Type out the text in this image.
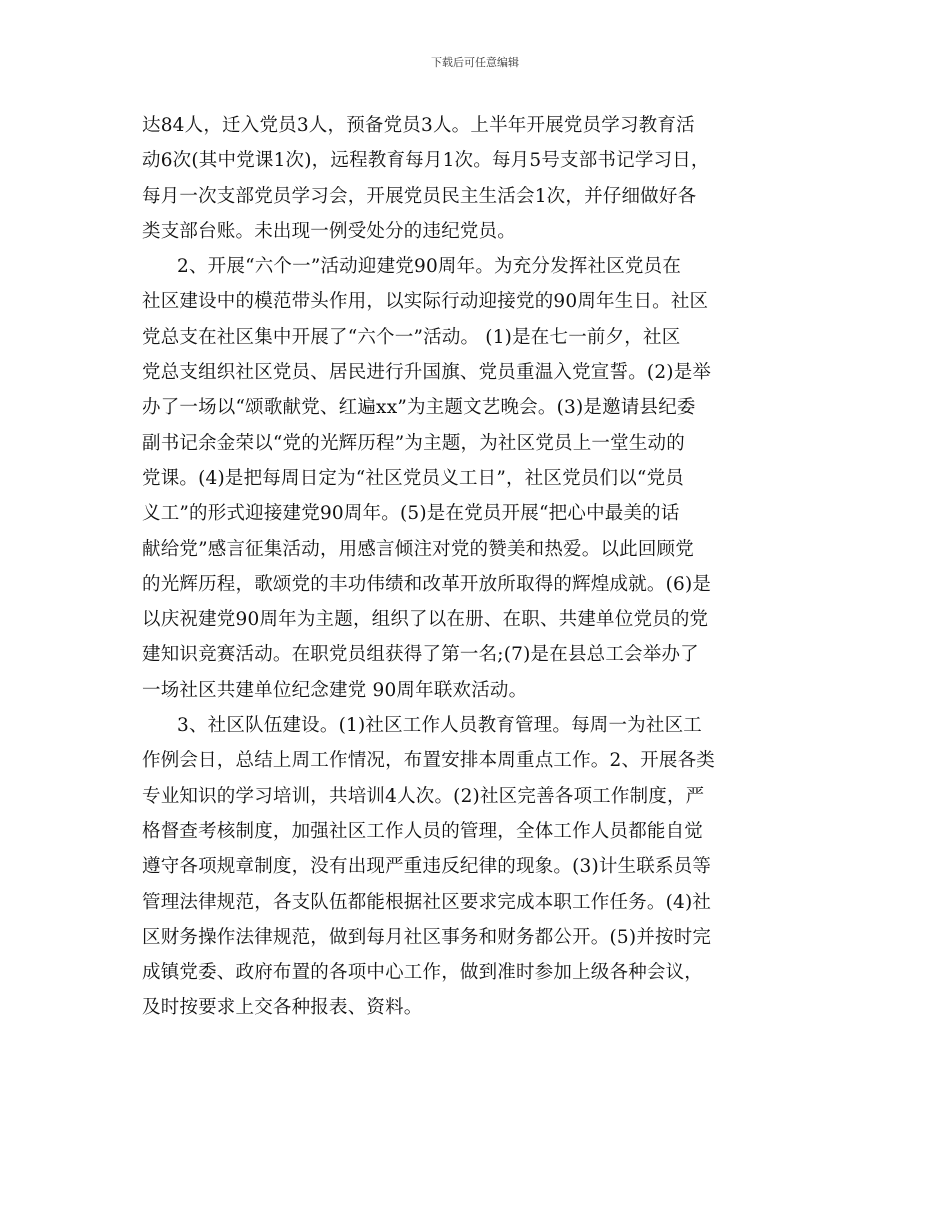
下载后可任意编辑
达84人，迁入党员3人，预备党员3人。上半年开展党员学习教育活
动6次(其中党课1次)，远程教育每月1次。每月5号支部书记学习日，
每月一次支部党员学习会，开展党员民主生活会1次，并仔细做好各
类支部台账。未出现一例受处分的违纪党员。
2、开展“六个一”活动迎建党90周年。为充分发挥社区党员在
社区建设中的模范带头作用，以实际行动迎接党的90周年生日。社区
党总支在社区集中开展了“六个一”活动。 (1)是在七一前夕，社区
党总支组织社区党员、居民进行升国旗、党员重温入党宣誓。(2)是举
办了一场以“颂歌献党、红遍xx”为主题文艺晚会。(3)是邀请县纪委
副书记余金荣以“党的光辉历程”为主题，为社区党员上一堂生动的
党课。(4)是把每周日定为“社区党员义工日”，社区党员们以“党员
义工”的形式迎接建党90周年。(5)是在党员开展“把心中最美的话
献给党”感言征集活动，用感言倾注对党的赞美和热爱。以此回顾党
的光辉历程，歌颂党的丰功伟绩和改革开放所取得的辉煌成就。(6)是
以庆祝建党90周年为主题，组织了以在册、在职、共建单位党员的党
建知识竞赛活动。在职党员组获得了第一名;(7)是在县总工会举办了
一场社区共建单位纪念建党 90周年联欢活动。
3、社区队伍建设。(1)社区工作人员教育管理。每周一为社区工
作例会日，总结上周工作情况，布置安排本周重点工作。2、开展各类
专业知识的学习培训，共培训4人次。(2)社区完善各项工作制度，严
格督查考核制度，加强社区工作人员的管理，全体工作人员都能自觉
遵守各项规章制度，没有出现严重违反纪律的现象。(3)计生联系员等
管理法律规范，各支队伍都能根据社区要求完成本职工作任务。(4)社
区财务操作法律规范，做到每月社区事务和财务都公开。(5)并按时完
成镇党委、政府布置的各项中心工作，做到准时参加上级各种会议，
及时按要求上交各种报表、资料。
